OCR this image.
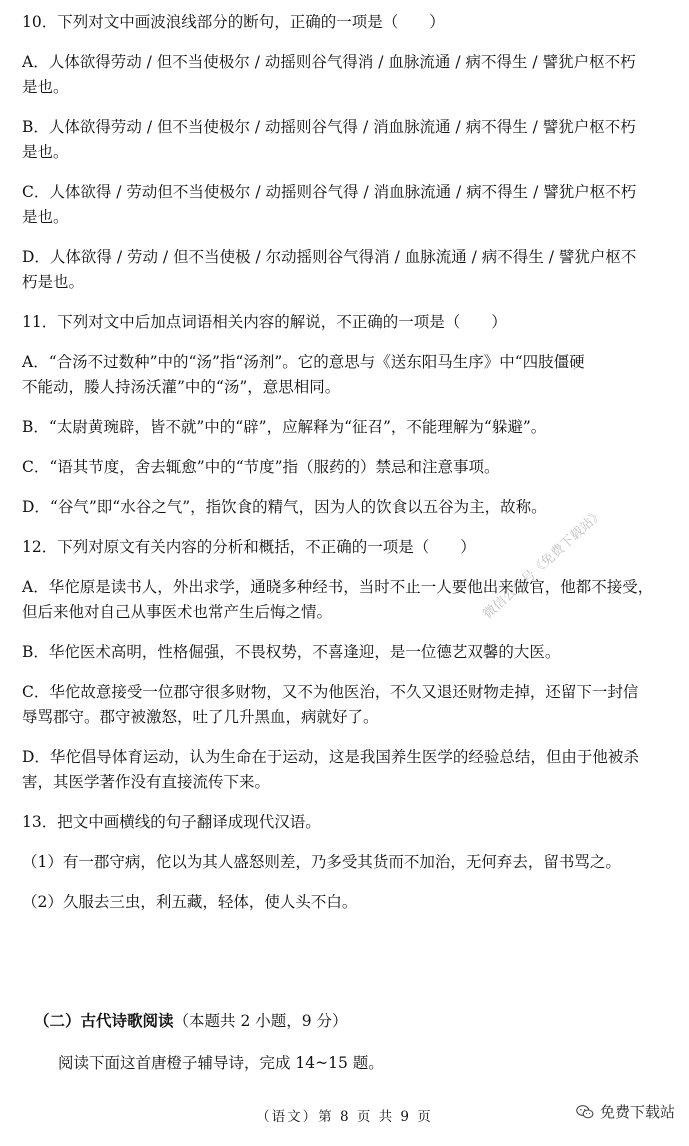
10．下列对文中画波浪线部分的断句，正确的一项是（　　）

A．人体欲得劳动 / 但不当使极尔 / 动摇则谷气得消 / 血脉流通 / 病不得生 / 譬犹户枢不朽

是也。

B．人体欲得劳动 / 但不当使极尔 / 动摇则谷气得 / 消血脉流通 / 病不得生 / 譬犹户枢不朽

是也。

C．人体欲得 / 劳动但不当使极尔 / 动摇则谷气得 / 消血脉流通 / 病不得生 / 譬犹户枢不朽

是也。

D．人体欲得 / 劳动 / 但不当使极 / 尔动摇则谷气得消 / 血脉流通 / 病不得生 / 譬犹户枢不

朽是也。

11．下列对文中后加点词语相关内容的解说，不正确的一项是（　　）

A．“合汤不过数种”中的“汤”指“汤剂”。它的意思与《送东阳马生序》中“四肢僵硬

不能动，媵人持汤沃灌”中的“汤”，意思相同。

B．“太尉黄琬辟，皆不就”中的“辟”，应解释为“征召”，不能理解为“躲避”。

C．“语其节度，舍去辄愈”中的“节度”指（服药的）禁忌和注意事项。

D．“谷气”即“水谷之气”，指饮食的精气，因为人的饮食以五谷为主，故称。

12．下列对原文有关内容的分析和概括，不正确的一项是（　　）

A．华佗原是读书人，外出求学，通晓多种经书，当时不止一人要他出来做官，他都不接受，

但后来他对自己从事医术也常产生后悔之情。

B．华佗医术高明，性格倔强，不畏权势，不喜逢迎，是一位德艺双馨的大医。

C．华佗故意接受一位郡守很多财物，又不为他医治，不久又退还财物走掉，还留下一封信

辱骂郡守。郡守被激怒，吐了几升黑血，病就好了。

D．华佗倡导体育运动，认为生命在于运动，这是我国养生医学的经验总结，但由于他被杀

害，其医学著作没有直接流传下来。

13．把文中画横线的句子翻译成现代汉语。

（1）有一郡守病，佗以为其人盛怒则差，乃多受其货而不加治，无何弃去，留书骂之。

（2）久服去三虫，利五藏，轻体，使人头不白。

（二）古代诗歌阅读（本题共 2 小题，9 分）

阅读下面这首唐橙子辅导诗，完成 14~15 题。

微信公众号《免费下载站》
（语文）第 8 页 共 9 页	免费下载站
